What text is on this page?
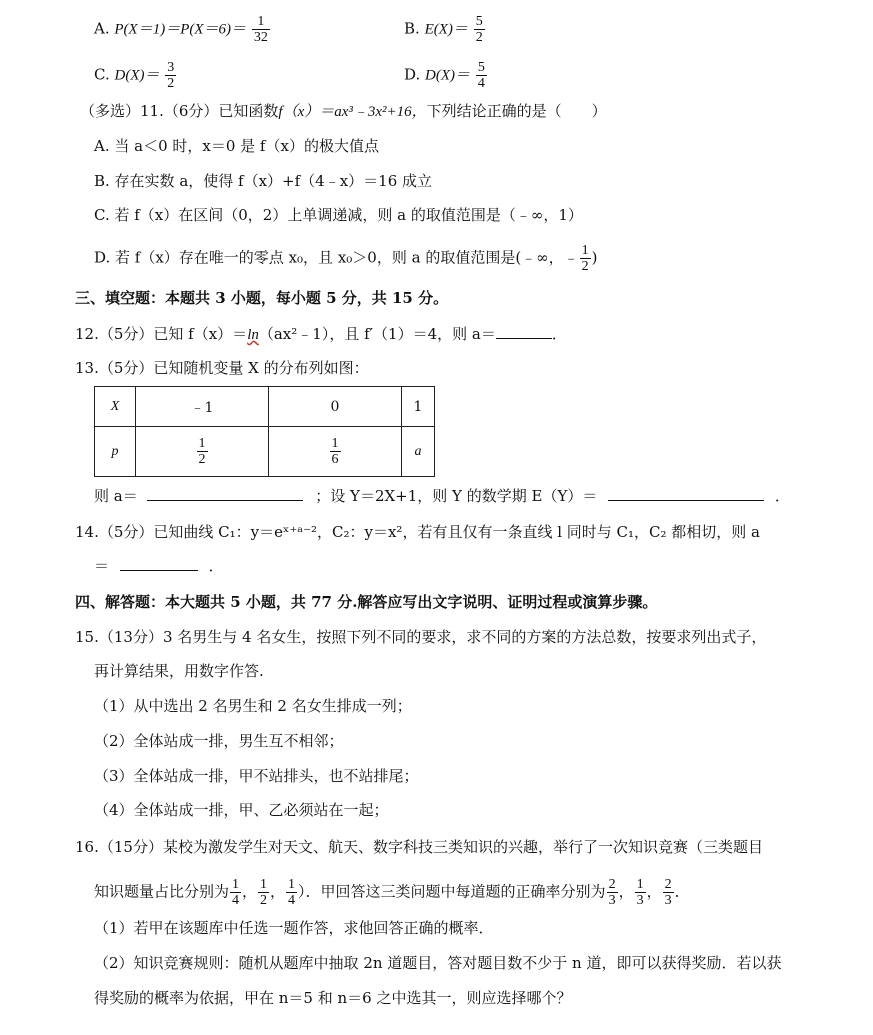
A. $P(X=1)=P(X=6)= \frac{1}{32}$	B. $E(X)= \frac{5}{2}$
C. $D(X)= \frac{3}{2}$	D. $D(X)= \frac{5}{4}$
（多选）11.（6分）已知函数f（x）＝ax³﹣3x²+16，下列结论正确的是（　　）
A. 当 a＜0 时，x＝0 是 f（x）的极大值点
B. 存在实数 a，使得 f（x）+f（4﹣x）＝16 成立
C. 若 f（x）在区间（0，2）上单调递减，则 a 的取值范围是（﹣∞，1）
D. 若 f（x）存在唯一的零点 x₀，且 x₀＞0，则 a 的取值范围是(﹣∞，﹣ $\frac{1}{2}$ )
三、填空题：本题共 3 小题，每小题 5 分，共 15 分。
12.（5分）已知 f（x）＝ln（ax²﹣1），且 f′（1）＝4，则 a＝	．
13.（5分）已知随机变量 X 的分布列如图：
X	﹣1	0	1
p	$\frac{1}{2}$	$\frac{1}{6}$	a
则 a＝	；设 Y＝2X+1，则 Y 的数学期 E（Y）＝	．
14.（5分）已知曲线 C₁：y＝eˣ⁺ᵃ⁻²，C₂：y＝x²，若有且仅有一条直线 l 同时与 C₁，C₂ 都相切，则 a
＝	．
四、解答题：本大题共 5 小题，共 77 分.解答应写出文字说明、证明过程或演算步骤。
15.（13分）3 名男生与 4 名女生，按照下列不同的要求，求不同的方案的方法总数，按要求列出式子，
再计算结果，用数字作答.
（1）从中选出 2 名男生和 2 名女生排成一列；
（2）全体站成一排，男生互不相邻；
（3）全体站成一排，甲不站排头，也不站排尾；
（4）全体站成一排，甲、乙必须站在一起；
16.（15分）某校为激发学生对天文、航天、数字科技三类知识的兴趣，举行了一次知识竞赛（三类题目
知识题量占比分别为 $\frac{1}{4}$ ， $\frac{1}{2}$ ， $\frac{1}{4}$ ）．甲回答这三类问题中每道题的正确率分别为 $\frac{2}{3}$ ， $\frac{1}{3}$ ， $\frac{2}{3}$ ．
（1）若甲在该题库中任选一题作答，求他回答正确的概率．
（2）知识竞赛规则：随机从题库中抽取 2n 道题目，答对题目数不少于 n 道，即可以获得奖励．若以获
得奖励的概率为依据，甲在 n＝5 和 n＝6 之中选其一，则应选择哪个？
